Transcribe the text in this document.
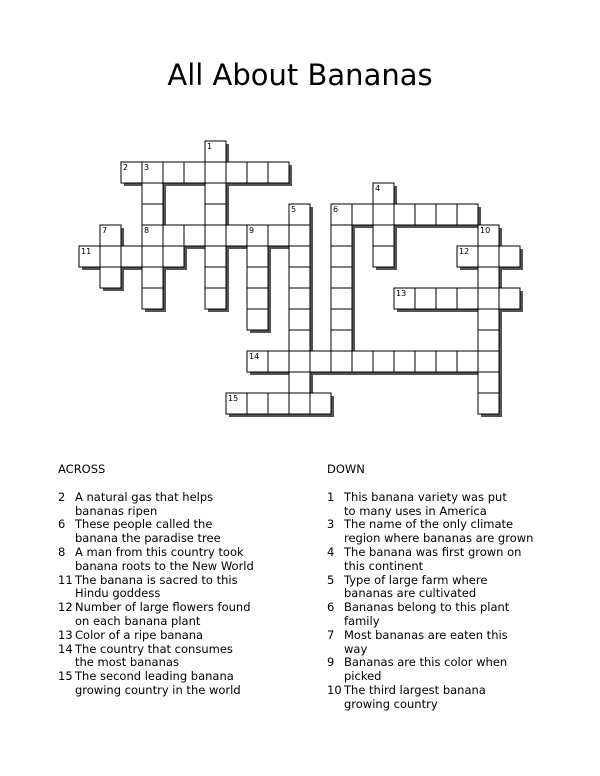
All About Bananas
1
2 3
4
5	6
7	8	9	10
11	12
13
14
15
ACROSS
2 A natural gas that helps
bananas ripen
6 These people called the
banana the paradise tree
8 A man from this country took
banana roots to the New World
11 The banana is sacred to this
Hindu goddess
12 Number of large flowers found
on each banana plant
13 Color of a ripe banana
14 The country that consumes
the most bananas
15 The second leading banana
growing country in the world
DOWN
1 This banana variety was put
to many uses in America
3 The name of the only climate
region where bananas are grown
4 The banana was first grown on
this continent
5 Type of large farm where
bananas are cultivated
6 Bananas belong to this plant
family
7 Most bananas are eaten this
way
9 Bananas are this color when
picked
10 The third largest banana
growing country
